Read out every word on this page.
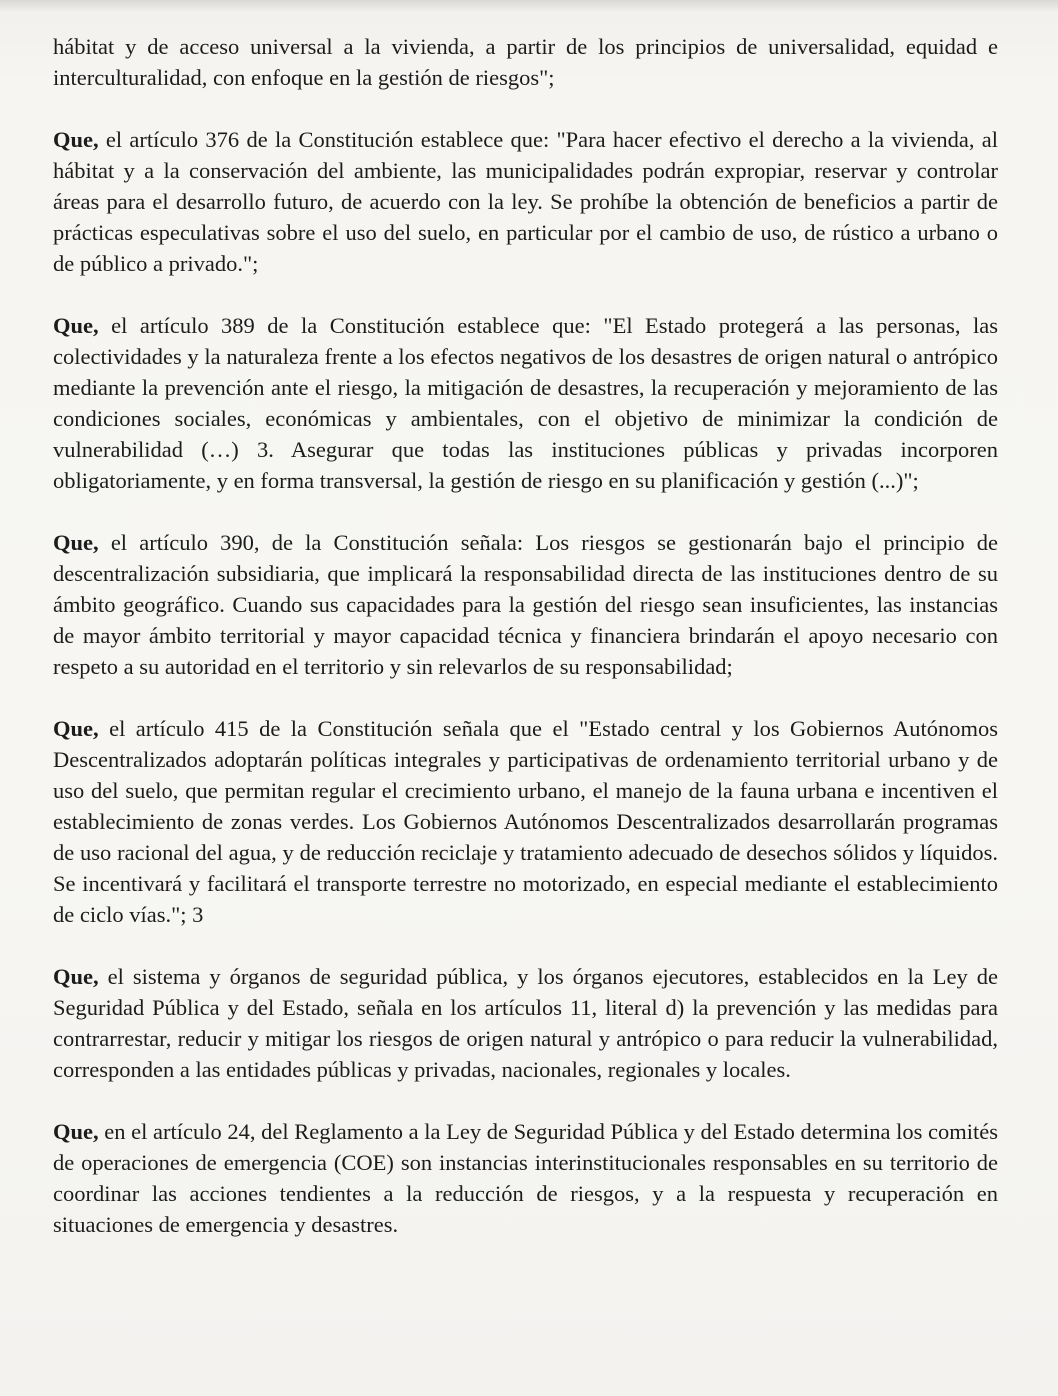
hábitat y de acceso universal a la vivienda, a partir de los principios de universalidad, equidad e interculturalidad, con enfoque en la gestión de riesgos";

Que, el artículo 376 de la Constitución establece que: "Para hacer efectivo el derecho a la vivienda, al hábitat y a la conservación del ambiente, las municipalidades podrán expropiar, reservar y controlar áreas para el desarrollo futuro, de acuerdo con la ley. Se prohíbe la obtención de beneficios a partir de prácticas especulativas sobre el uso del suelo, en particular por el cambio de uso, de rústico a urbano o de público a privado.";

Que, el artículo 389 de la Constitución establece que: "El Estado protegerá a las personas, las colectividades y la naturaleza frente a los efectos negativos de los desastres de origen natural o antrópico mediante la prevención ante el riesgo, la mitigación de desastres, la recuperación y mejoramiento de las condiciones sociales, económicas y ambientales, con el objetivo de minimizar la condición de vulnerabilidad (…) 3. Asegurar que todas las instituciones públicas y privadas incorporen obligatoriamente, y en forma transversal, la gestión de riesgo en su planificación y gestión (...)";

Que, el artículo 390, de la Constitución señala: Los riesgos se gestionarán bajo el principio de descentralización subsidiaria, que implicará la responsabilidad directa de las instituciones dentro de su ámbito geográfico. Cuando sus capacidades para la gestión del riesgo sean insuficientes, las instancias de mayor ámbito territorial y mayor capacidad técnica y financiera brindarán el apoyo necesario con respeto a su autoridad en el territorio y sin relevarlos de su responsabilidad;

Que, el artículo 415 de la Constitución señala que el "Estado central y los Gobiernos Autónomos Descentralizados adoptarán políticas integrales y participativas de ordenamiento territorial urbano y de uso del suelo, que permitan regular el crecimiento urbano, el manejo de la fauna urbana e incentiven el establecimiento de zonas verdes. Los Gobiernos Autónomos Descentralizados desarrollarán programas de uso racional del agua, y de reducción reciclaje y tratamiento adecuado de desechos sólidos y líquidos. Se incentivará y facilitará el transporte terrestre no motorizado, en especial mediante el establecimiento de ciclo vías."; 3

Que, el sistema y órganos de seguridad pública, y los órganos ejecutores, establecidos en la Ley de Seguridad Pública y del Estado, señala en los artículos 11, literal d) la prevención y las medidas para contrarrestar, reducir y mitigar los riesgos de origen natural y antrópico o para reducir la vulnerabilidad, corresponden a las entidades públicas y privadas, nacionales, regionales y locales.

Que, en el artículo 24, del Reglamento a la Ley de Seguridad Pública y del Estado determina los comités de operaciones de emergencia (COE) son instancias interinstitucionales responsables en su territorio de coordinar las acciones tendientes a la reducción de riesgos, y a la respuesta y recuperación en situaciones de emergencia y desastres.
